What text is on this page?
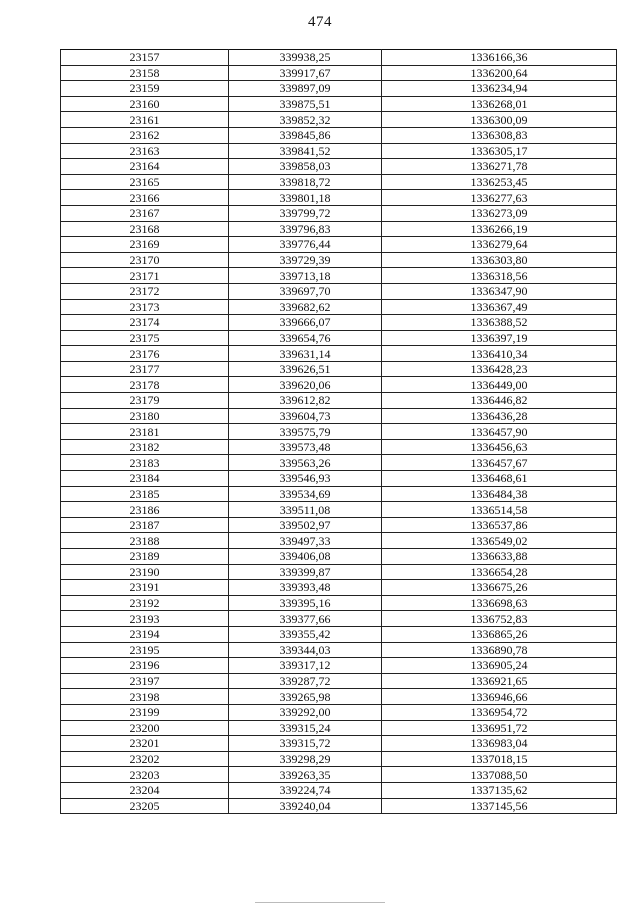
474
23157	339938,25	1336166,36
23158	339917,67	1336200,64
23159	339897,09	1336234,94
23160	339875,51	1336268,01
23161	339852,32	1336300,09
23162	339845,86	1336308,83
23163	339841,52	1336305,17
23164	339858,03	1336271,78
23165	339818,72	1336253,45
23166	339801,18	1336277,63
23167	339799,72	1336273,09
23168	339796,83	1336266,19
23169	339776,44	1336279,64
23170	339729,39	1336303,80
23171	339713,18	1336318,56
23172	339697,70	1336347,90
23173	339682,62	1336367,49
23174	339666,07	1336388,52
23175	339654,76	1336397,19
23176	339631,14	1336410,34
23177	339626,51	1336428,23
23178	339620,06	1336449,00
23179	339612,82	1336446,82
23180	339604,73	1336436,28
23181	339575,79	1336457,90
23182	339573,48	1336456,63
23183	339563,26	1336457,67
23184	339546,93	1336468,61
23185	339534,69	1336484,38
23186	339511,08	1336514,58
23187	339502,97	1336537,86
23188	339497,33	1336549,02
23189	339406,08	1336633,88
23190	339399,87	1336654,28
23191	339393,48	1336675,26
23192	339395,16	1336698,63
23193	339377,66	1336752,83
23194	339355,42	1336865,26
23195	339344,03	1336890,78
23196	339317,12	1336905,24
23197	339287,72	1336921,65
23198	339265,98	1336946,66
23199	339292,00	1336954,72
23200	339315,24	1336951,72
23201	339315,72	1336983,04
23202	339298,29	1337018,15
23203	339263,35	1337088,50
23204	339224,74	1337135,62
23205	339240,04	1337145,56
